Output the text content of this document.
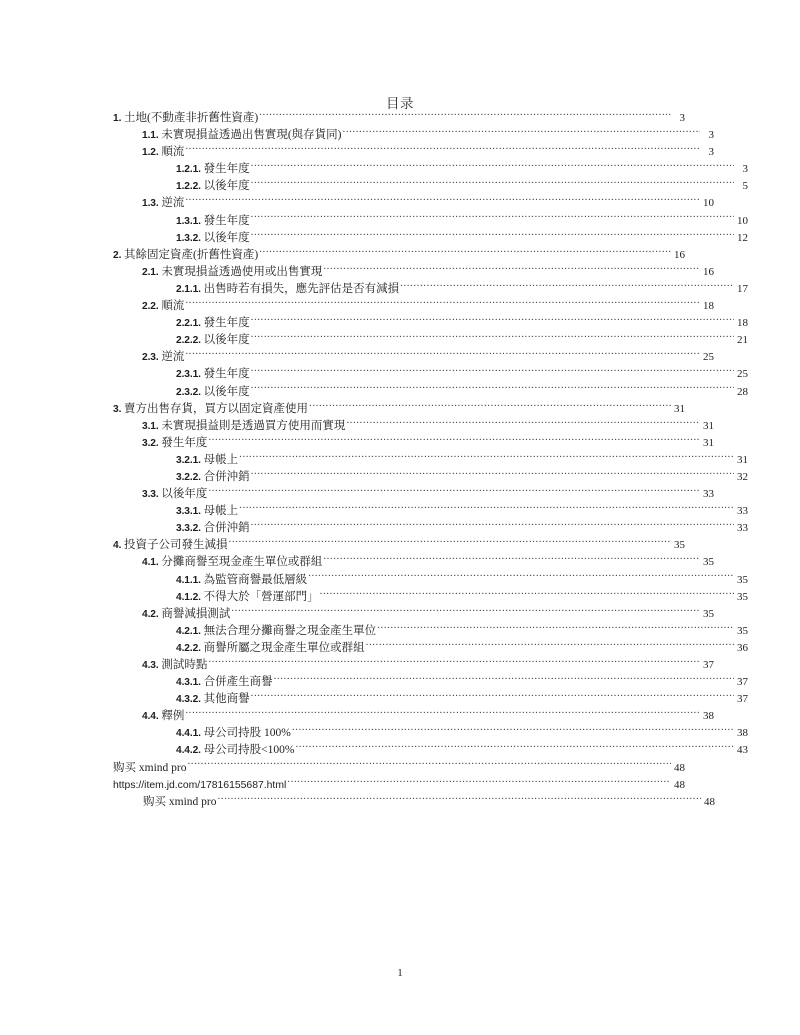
目录
1. 土地(不動產非折舊性資產) .....	3
1.1. 未實現損益透過出售實現(與存貨同) .....	3
1.2. 順流 .....	3
1.2.1. 發生年度 .....	3
1.2.2. 以後年度 .....	5
1.3. 逆流 .....	10
1.3.1. 發生年度 .....	10
1.3.2. 以後年度 .....	12
2. 其餘固定資產(折舊性資產) .....	16
2.1. 未實現損益透過使用或出售實現 .....	16
2.1.1. 出售時若有損失，應先評估是否有減損 .....	17
2.2. 順流 .....	18
2.2.1. 發生年度 .....	18
2.2.2. 以後年度 .....	21
2.3. 逆流 .....	25
2.3.1. 發生年度 .....	25
2.3.2. 以後年度 .....	28
3. 賣方出售存貨，買方以固定資產使用 .....	31
3.1. 未實現損益則是透過買方使用而實現 .....	31
3.2. 發生年度 .....	31
3.2.1. 母帳上 .....	31
3.2.2. 合併沖銷 .....	32
3.3. 以後年度 .....	33
3.3.1. 母帳上 .....	33
3.3.2. 合併沖銷 .....	33
4. 投資子公司發生減損 .....	35
4.1. 分攤商譽至現金產生單位或群組 .....	35
4.1.1. 為監管商譽最低層級 .....	35
4.1.2. 不得大於「營運部門」 .....	35
4.2. 商譽減損測試 .....	35
4.2.1. 無法合理分攤商譽之現金產生單位 .....	35
4.2.2. 商譽所屬之現金產生單位或群組 .....	36
4.3. 測試時點 .....	37
4.3.1. 合併產生商譽 .....	37
4.3.2. 其他商譽 .....	37
4.4. 釋例 .....	38
4.4.1. 母公司持股 100% .....	38
4.4.2. 母公司持股<100% .....	43
购买 xmind pro .....	48
https://item.jd.com/17816155687.html .....	48
购买 xmind pro .....	48
1
